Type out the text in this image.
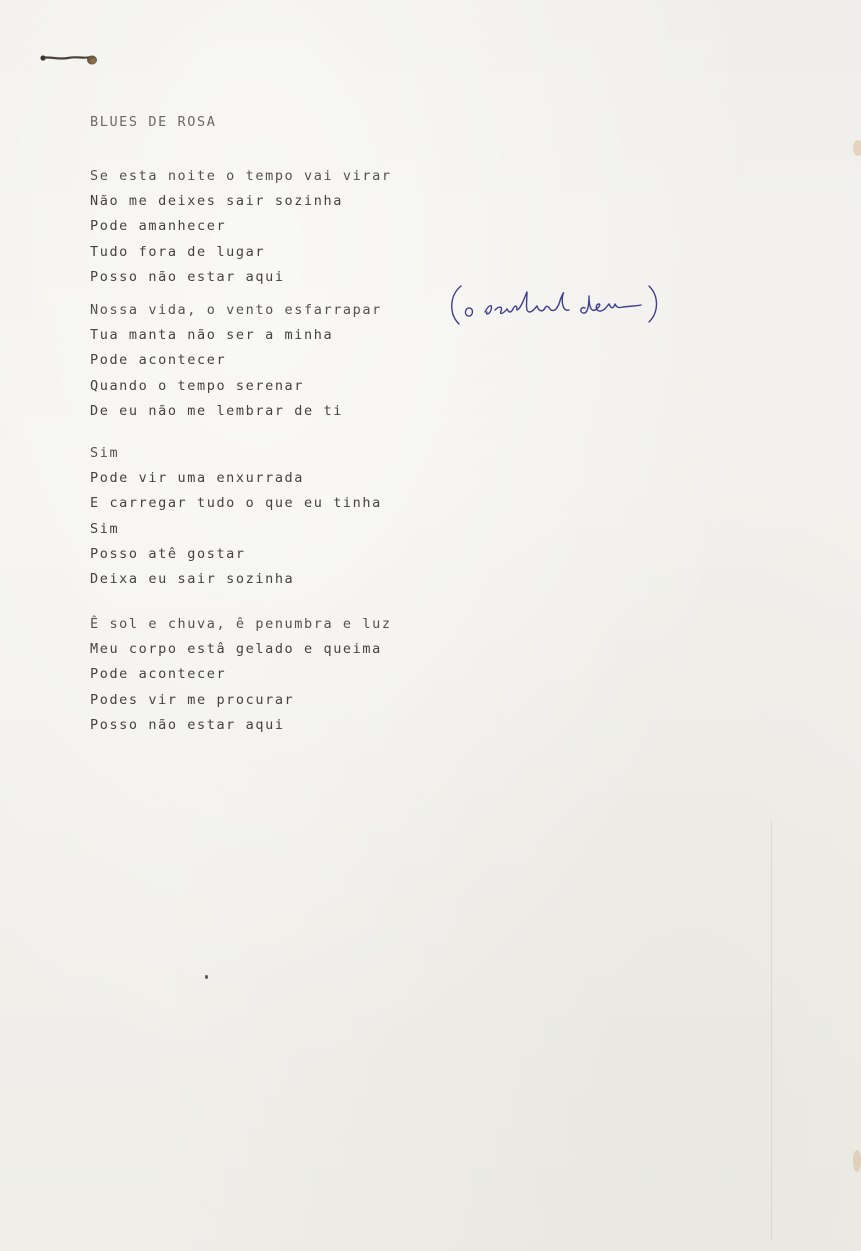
BLUES DE ROSA
Se esta noite o tempo vai virar
Não me deixes sair sozinha
Pode amanhecer
Tudo fora de lugar
Posso não estar aqui
Nossa vida, o vento esfarrapar
Tua manta não ser a minha
Pode acontecer
Quando o tempo serenar
De eu não me lembrar de ti
Sim
Pode vir uma enxurrada
E carregar tudo o que eu tinha
Sim
Posso atê gostar
Deixa eu sair sozinha
Ê sol e chuva, ê penumbra e luz
Meu corpo estâ gelado e queima
Pode acontecer
Podes vir me procurar
Posso não estar aqui
